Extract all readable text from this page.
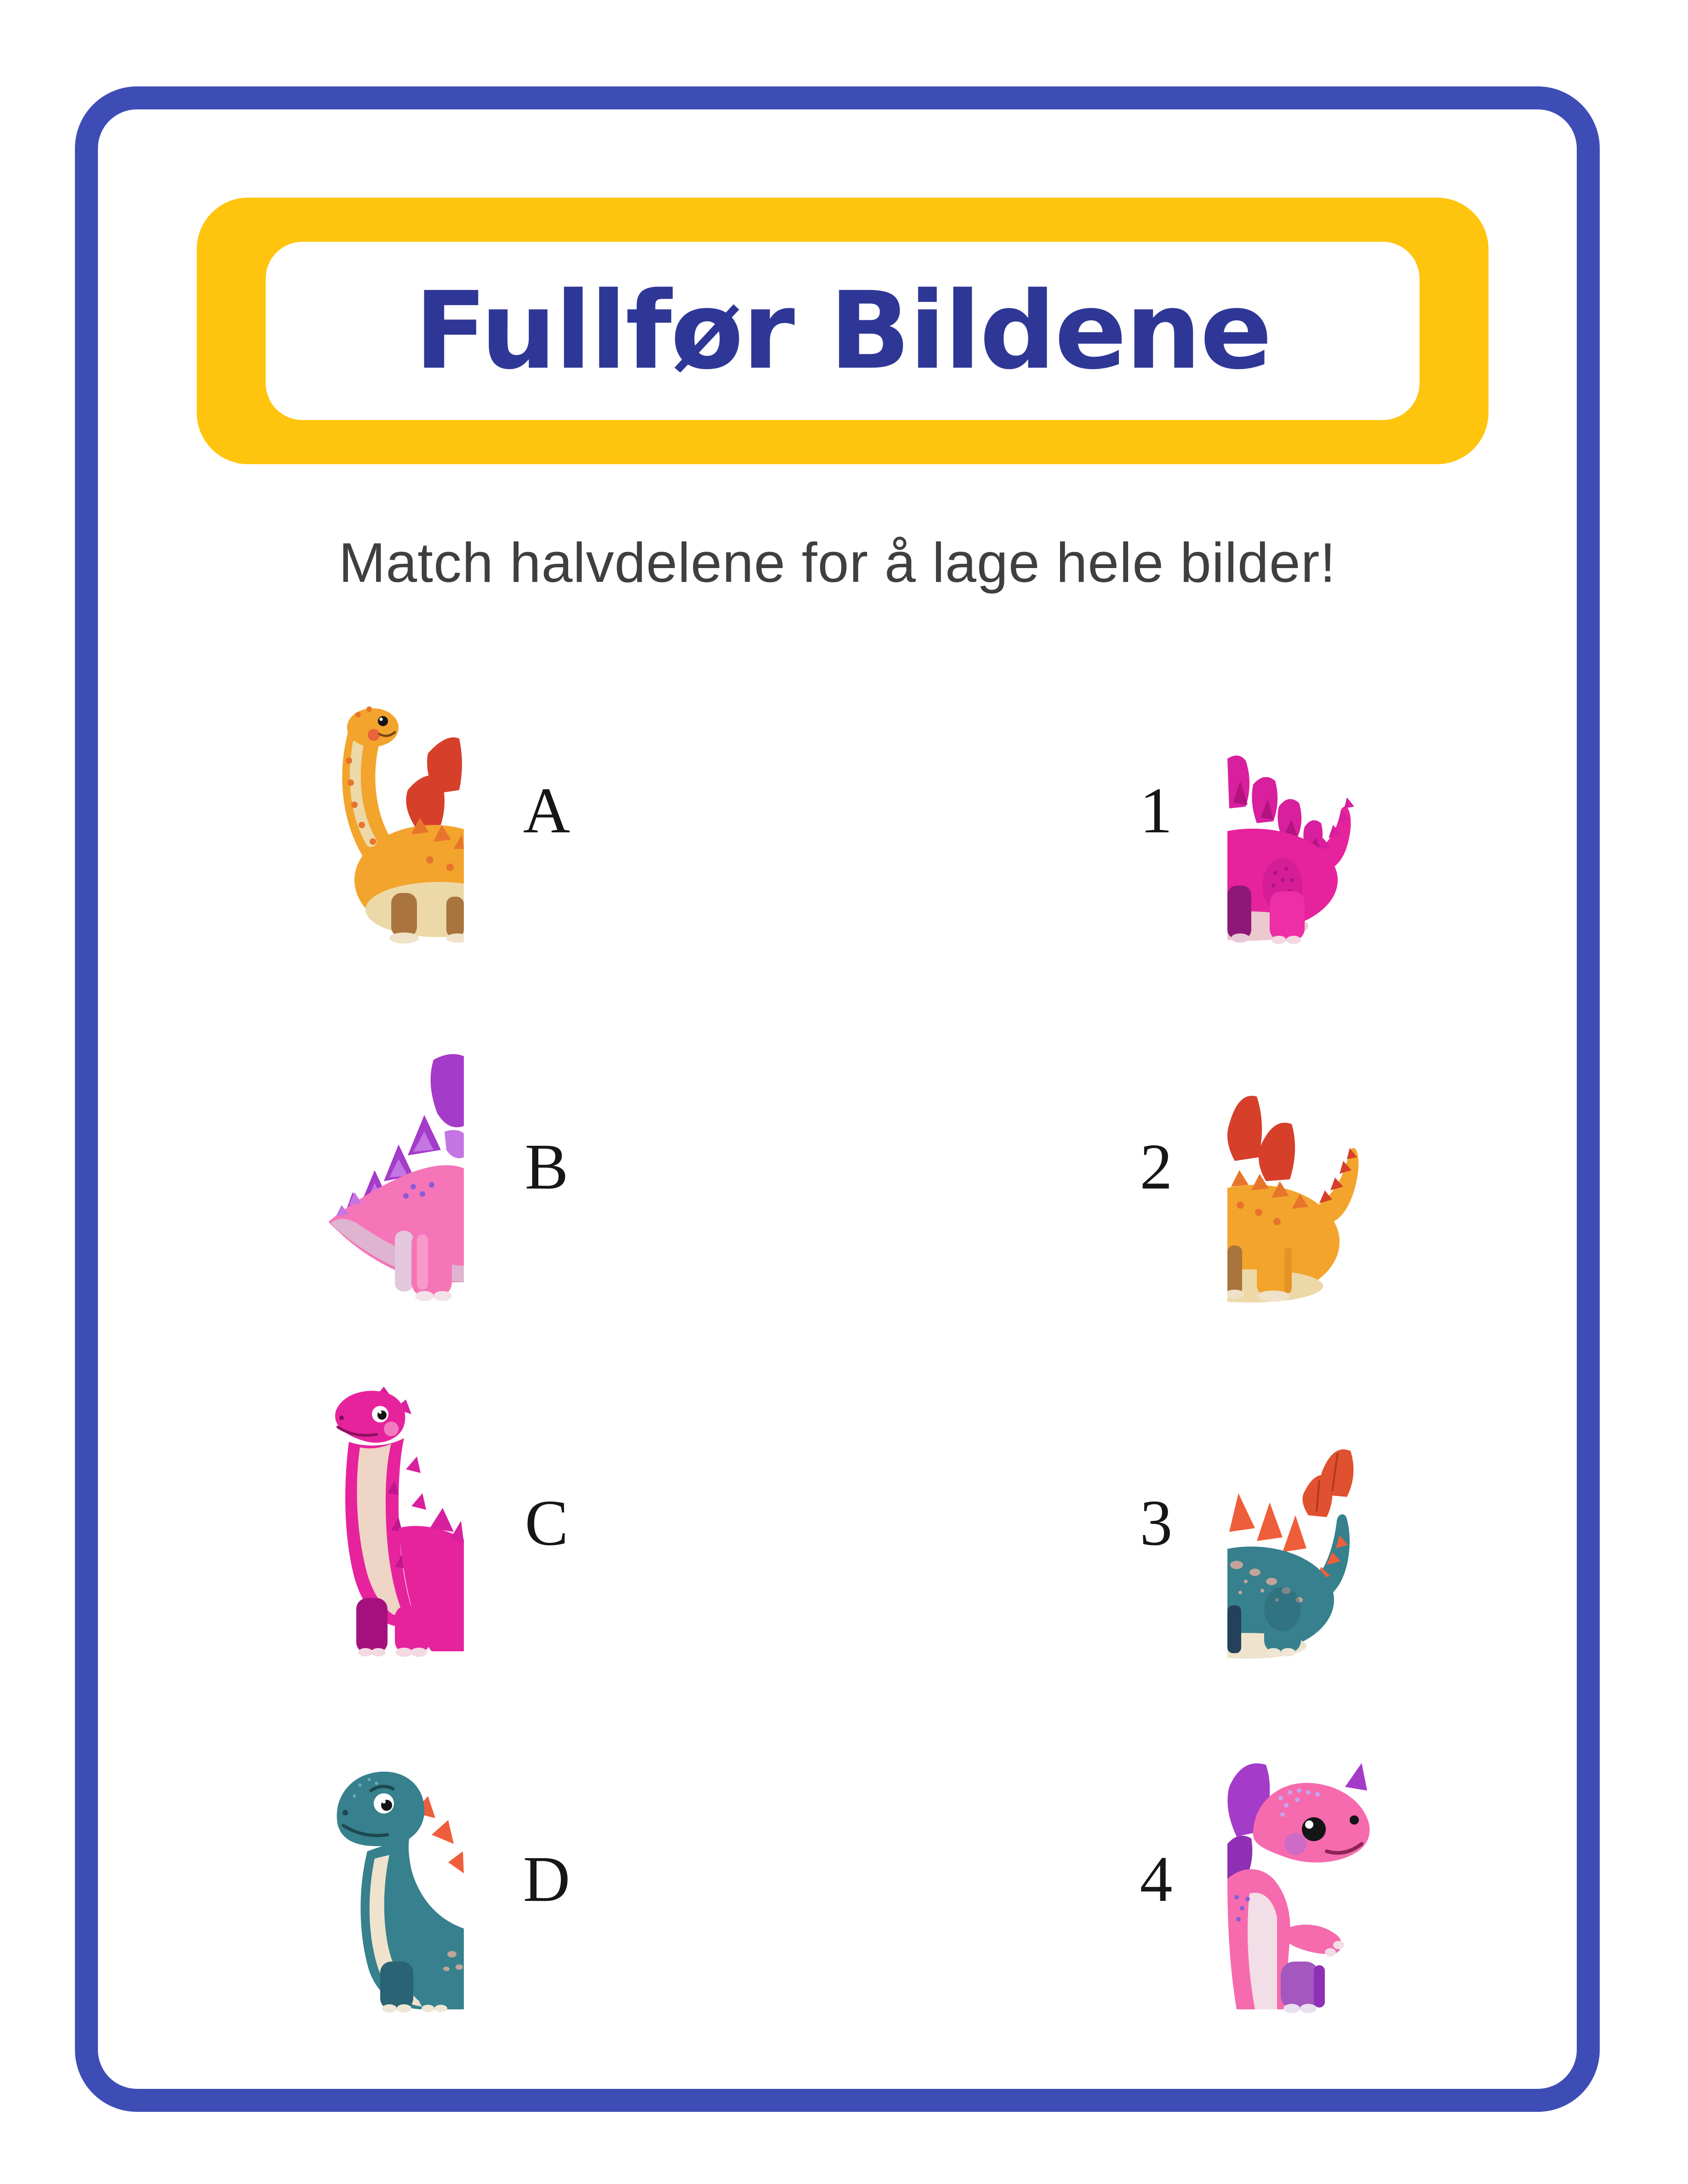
Fullfør Bildene

Match halvdelene for å lage hele bilder!

A	1
B	2
C	3
D	4
